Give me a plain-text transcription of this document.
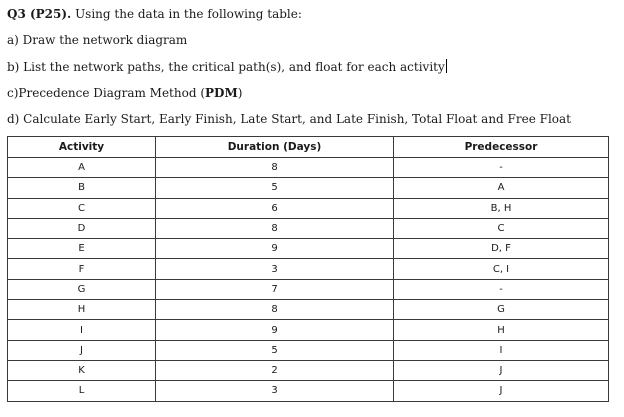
Q3 (P25). Using the data in the following table:
a) Draw the network diagram
b) List the network paths, the critical path(s), and float for each activity
c)Precedence Diagram Method (PDM)
d) Calculate Early Start, Early Finish, Late Start, and Late Finish, Total Float and Free Float
Activity	Duration (Days)	Predecessor
A	8	-
B	5	A
C	6	B, H
D	8	C
E	9	D, F
F	3	C, I
G	7	-
H	8	G
I	9	H
J	5	I
K	2	J
L	3	J
